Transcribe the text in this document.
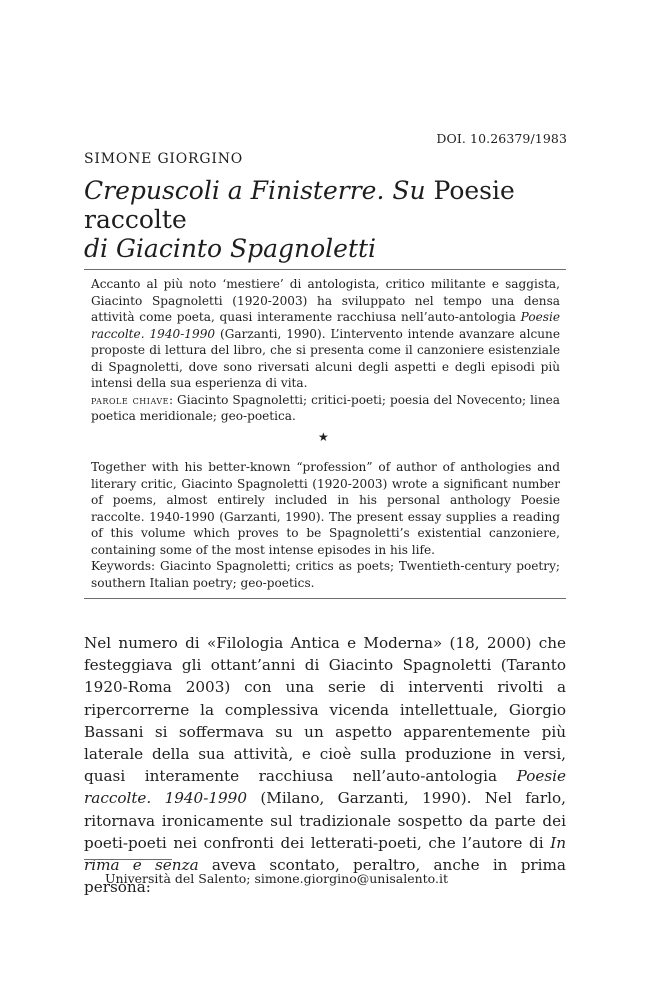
DOI. 10.26379/1983
SIMONE GIORGINO
Crepuscoli a Finisterre. Su Poesie raccolte
di Giacinto Spagnoletti

Accanto al più noto ‘mestiere’ di antologista, critico militante e saggista, Giacinto Spagnoletti (1920-2003) ha sviluppato nel tempo una densa attività come poeta, quasi interamente racchiusa nell’auto-antologia Poesie raccolte. 1940-1990 (Garzanti, 1990). L’intervento intende avanzare alcune proposte di lettura del libro, che si presenta come il canzoniere esistenziale di Spagnoletti, dove sono riversati alcuni degli aspetti e degli episodi più intensi della sua esperienza di vita.

parole chiave: Giacinto Spagnoletti; critici-poeti; poesia del Novecento; linea poetica meridionale; geo-poetica.

★

Together with his better-known “profession” of author of anthologies and literary critic, Giacinto Spagnoletti (1920-2003) wrote a significant number of poems, almost entirely included in his personal anthology Poesie raccolte. 1940-1990 (Garzanti, 1990). The present essay supplies a reading of this volume which proves to be Spagnoletti’s existential canzoniere, containing some of the most intense episodes in his life.

Keywords: Giacinto Spagnoletti; critics as poets; Twentieth-century poetry; southern Italian poetry; geo-poetics.

Nel numero di «Filologia Antica e Moderna» (18, 2000) che festeggiava gli ottant’anni di Giacinto Spagnoletti (Taranto 1920-Roma 2003) con una serie di interventi rivolti a ripercorrerne la complessiva vicenda intellettuale, Giorgio Bassani si soffermava su un aspetto apparentemente più laterale della sua attività, e cioè sulla produzione in versi, quasi interamente racchiusa nell’auto-antologia Poesie raccolte. 1940-1990 (Milano, Garzanti, 1990). Nel farlo, ritornava ironicamente sul tradizionale sospetto da parte dei poeti-poeti nei confronti dei letterati-poeti, che l’autore di In rima e senza aveva scontato, peraltro, anche in prima persona:

Università del Salento; simone.giorgino@unisalento.it
